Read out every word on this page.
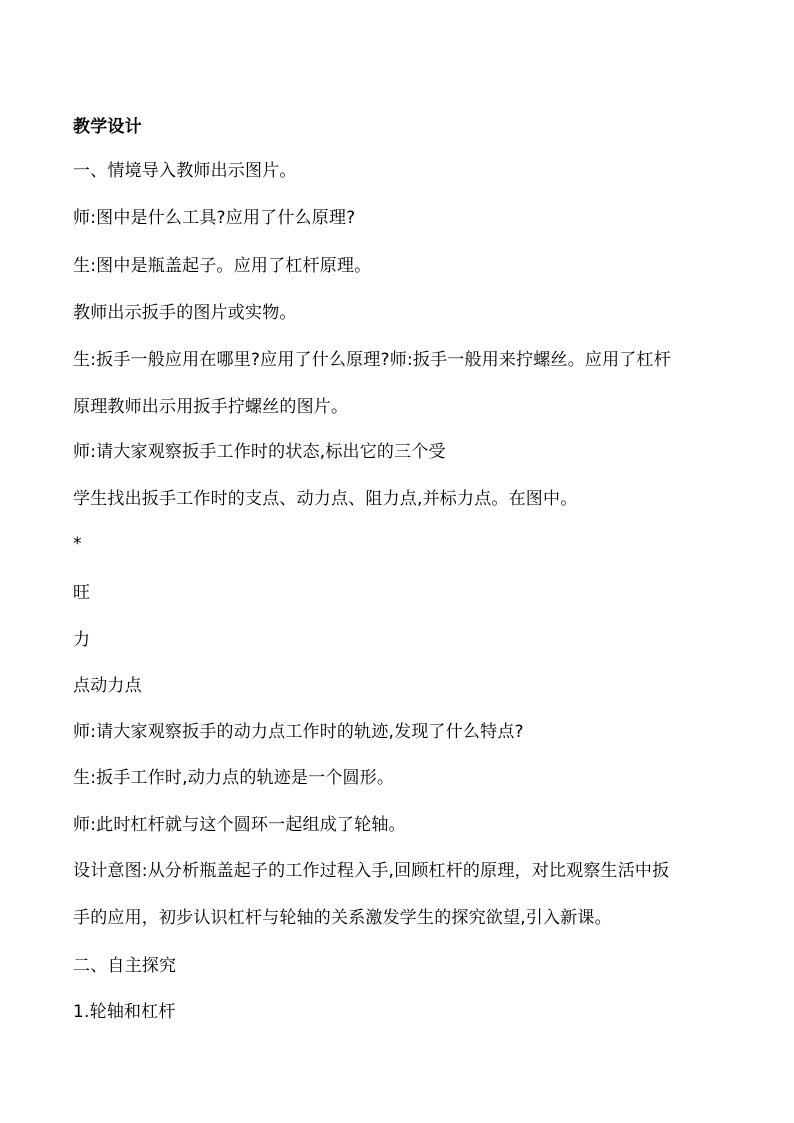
教学设计
一、情境导入教师出示图片。
师:图中是什么工具?应用了什么原理?
生:图中是瓶盖起子。应用了杠杆原理。
教师出示扳手的图片或实物。
生:扳手一般应用在哪里?应用了什么原理?师:扳手一般用来拧螺丝。应用了杠杆
原理教师出示用扳手拧螺丝的图片。
师:请大家观察扳手工作时的状态,标出它的三个受
学生找出扳手工作时的支点、动力点、阻力点,并标力点。在图中。
*
旺
力
点动力点
师:请大家观察扳手的动力点工作时的轨迹,发现了什么特点?
生:扳手工作时,动力点的轨迹是一个圆形。
师:此时杠杆就与这个圆环一起组成了轮轴。
设计意图:从分析瓶盖起子的工作过程入手,回顾杠杆的原理，对比观察生活中扳
手的应用，初步认识杠杆与轮轴的关系激发学生的探究欲望,引入新课。
二、自主探究
1.轮轴和杠杆
